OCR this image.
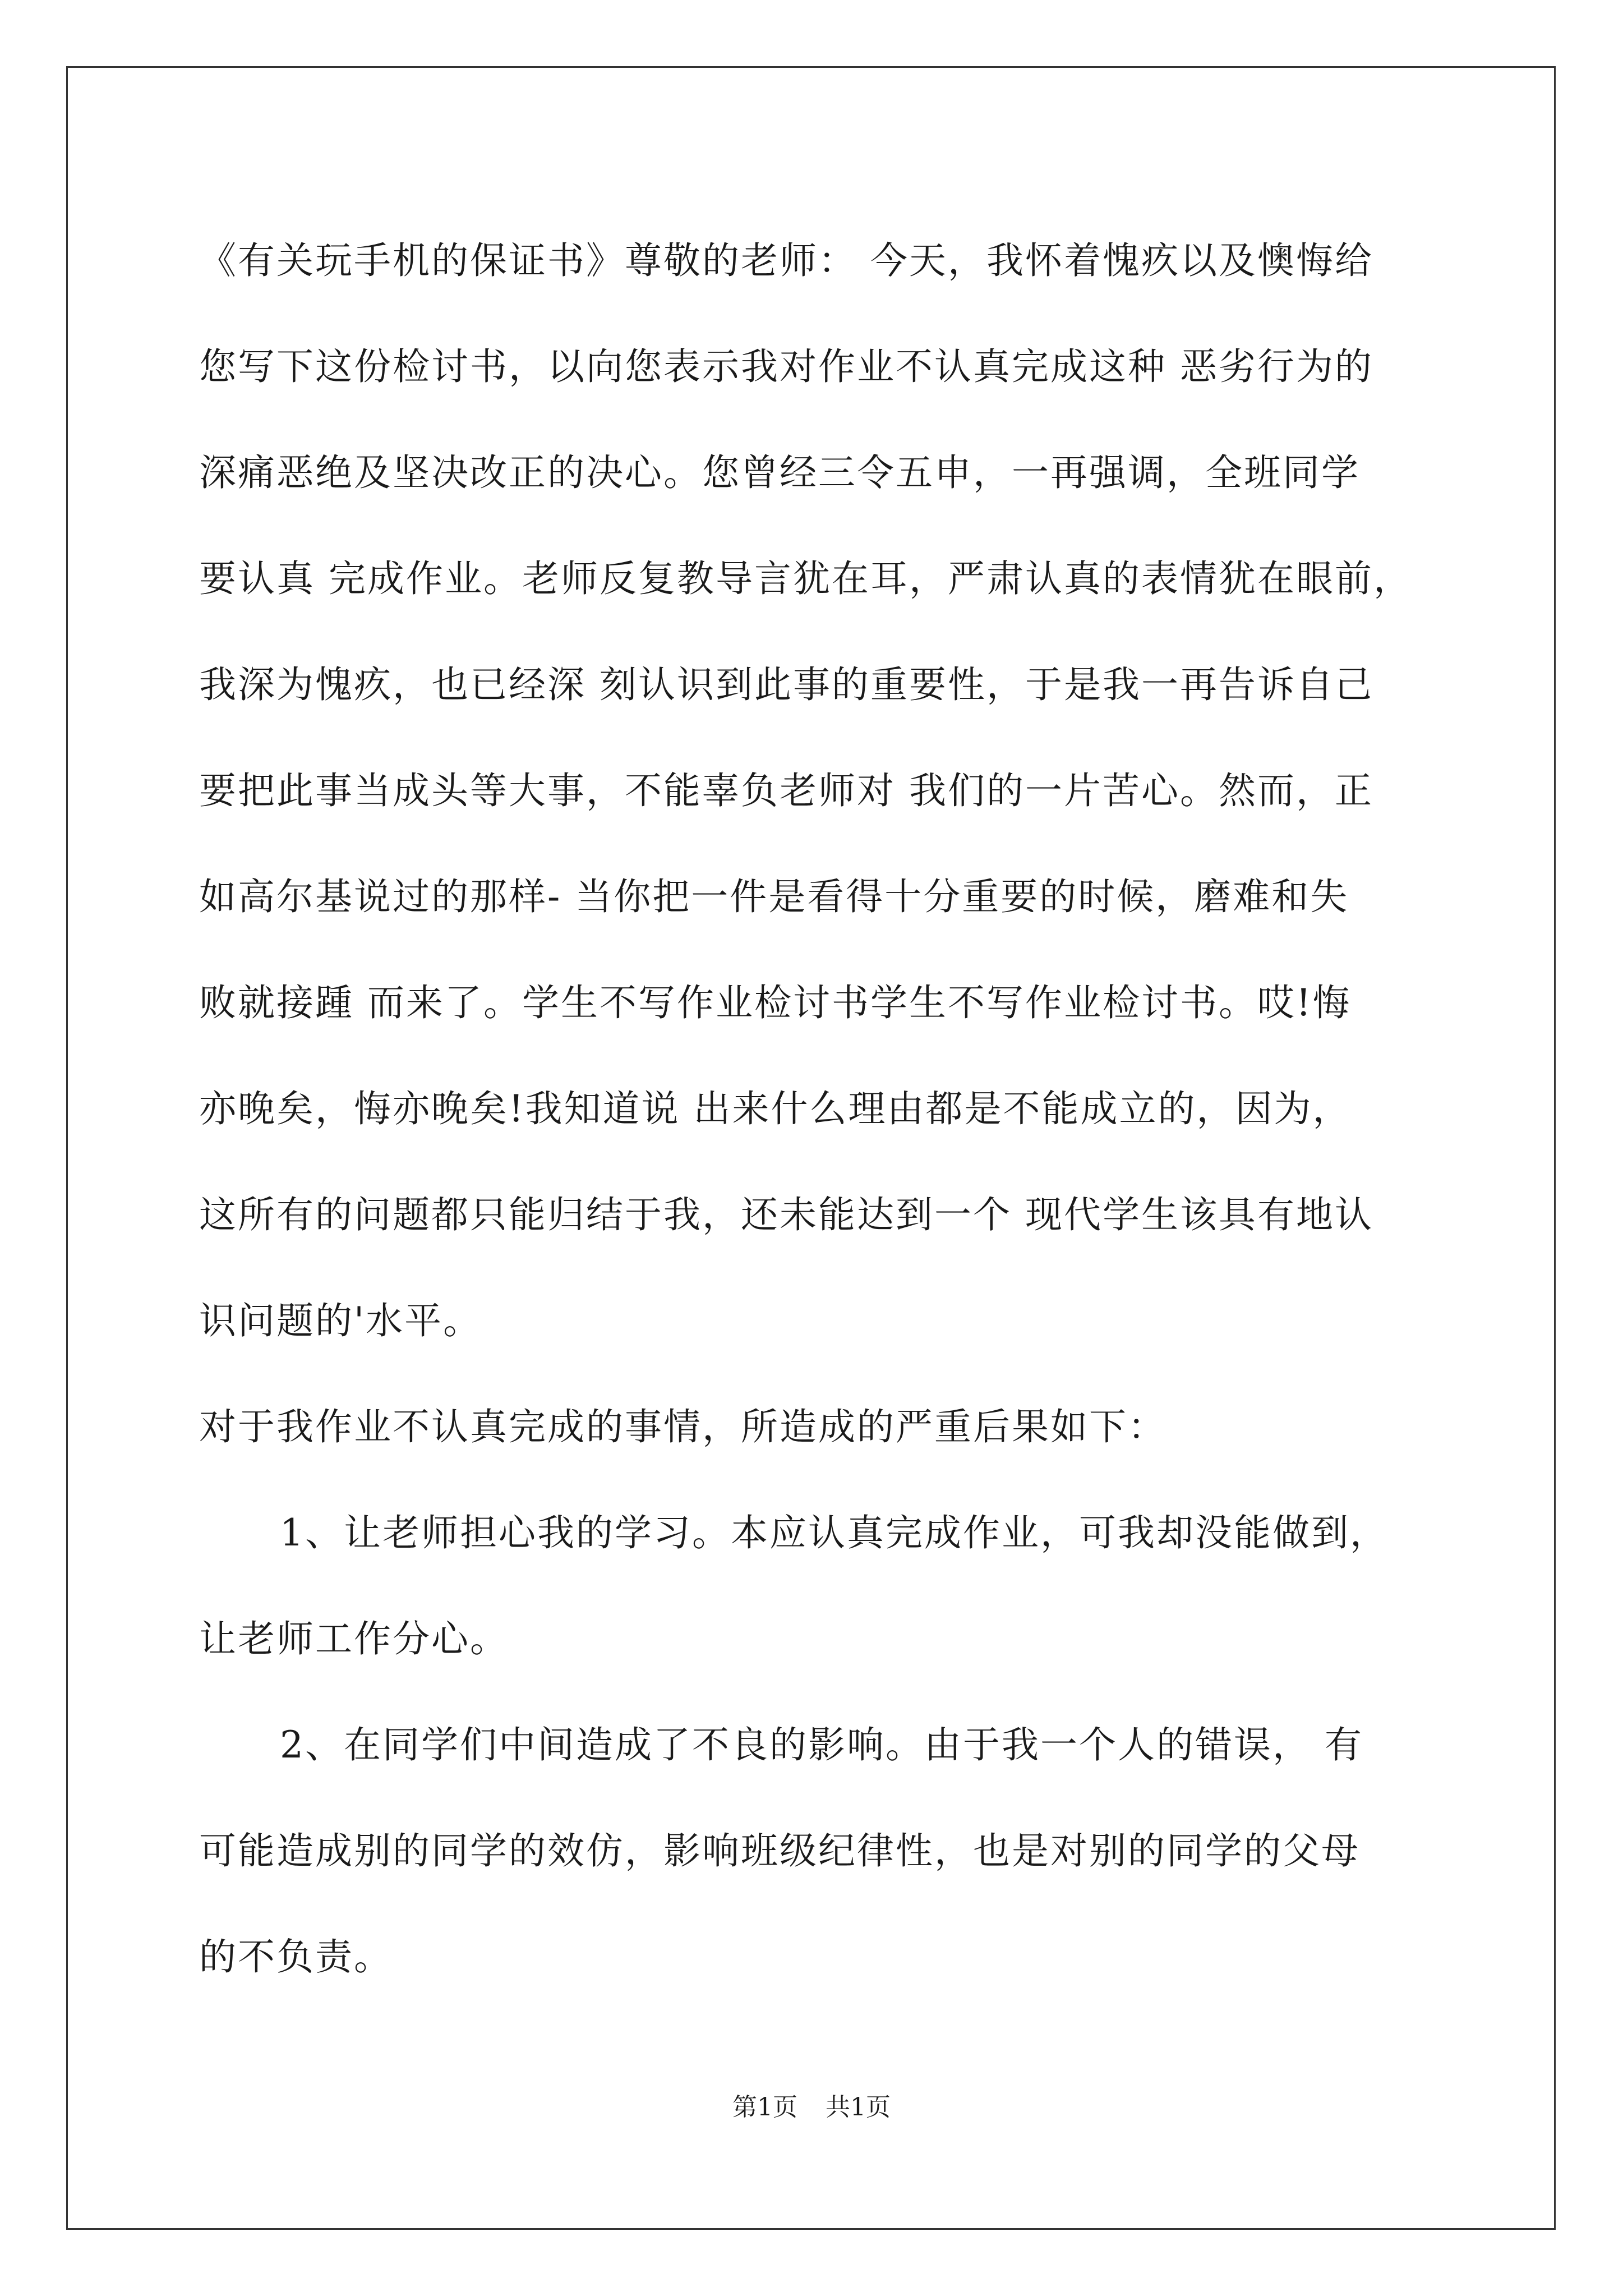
《有关玩手机的保证书》尊敬的老师： 今天，我怀着愧疚以及懊悔给

您写下这份检讨书，以向您表示我对作业不认真完成这种 恶劣行为的

深痛恶绝及坚决改正的决心。您曾经三令五申，一再强调，全班同学

要认真 完成作业。老师反复教导言犹在耳，严肃认真的表情犹在眼前，

我深为愧疚，也已经深 刻认识到此事的重要性，于是我一再告诉自己

要把此事当成头等大事，不能辜负老师对 我们的一片苦心。然而，正

如高尔基说过的那样- 当你把一件是看得十分重要的时候，磨难和失

败就接踵 而来了。学生不写作业检讨书学生不写作业检讨书。哎!悔

亦晚矣，悔亦晚矣!我知道说 出来什么理由都是不能成立的，因为，

这所有的问题都只能归结于我，还未能达到一个 现代学生该具有地认

识问题的'水平。

对于我作业不认真完成的事情，所造成的严重后果如下：

1、让老师担心我的学习。本应认真完成作业，可我却没能做到，

让老师工作分心。

2、在同学们中间造成了不良的影响。由于我一个人的错误， 有

可能造成别的同学的效仿，影响班级纪律性，也是对别的同学的父母

的不负责。

第1页 共1页
